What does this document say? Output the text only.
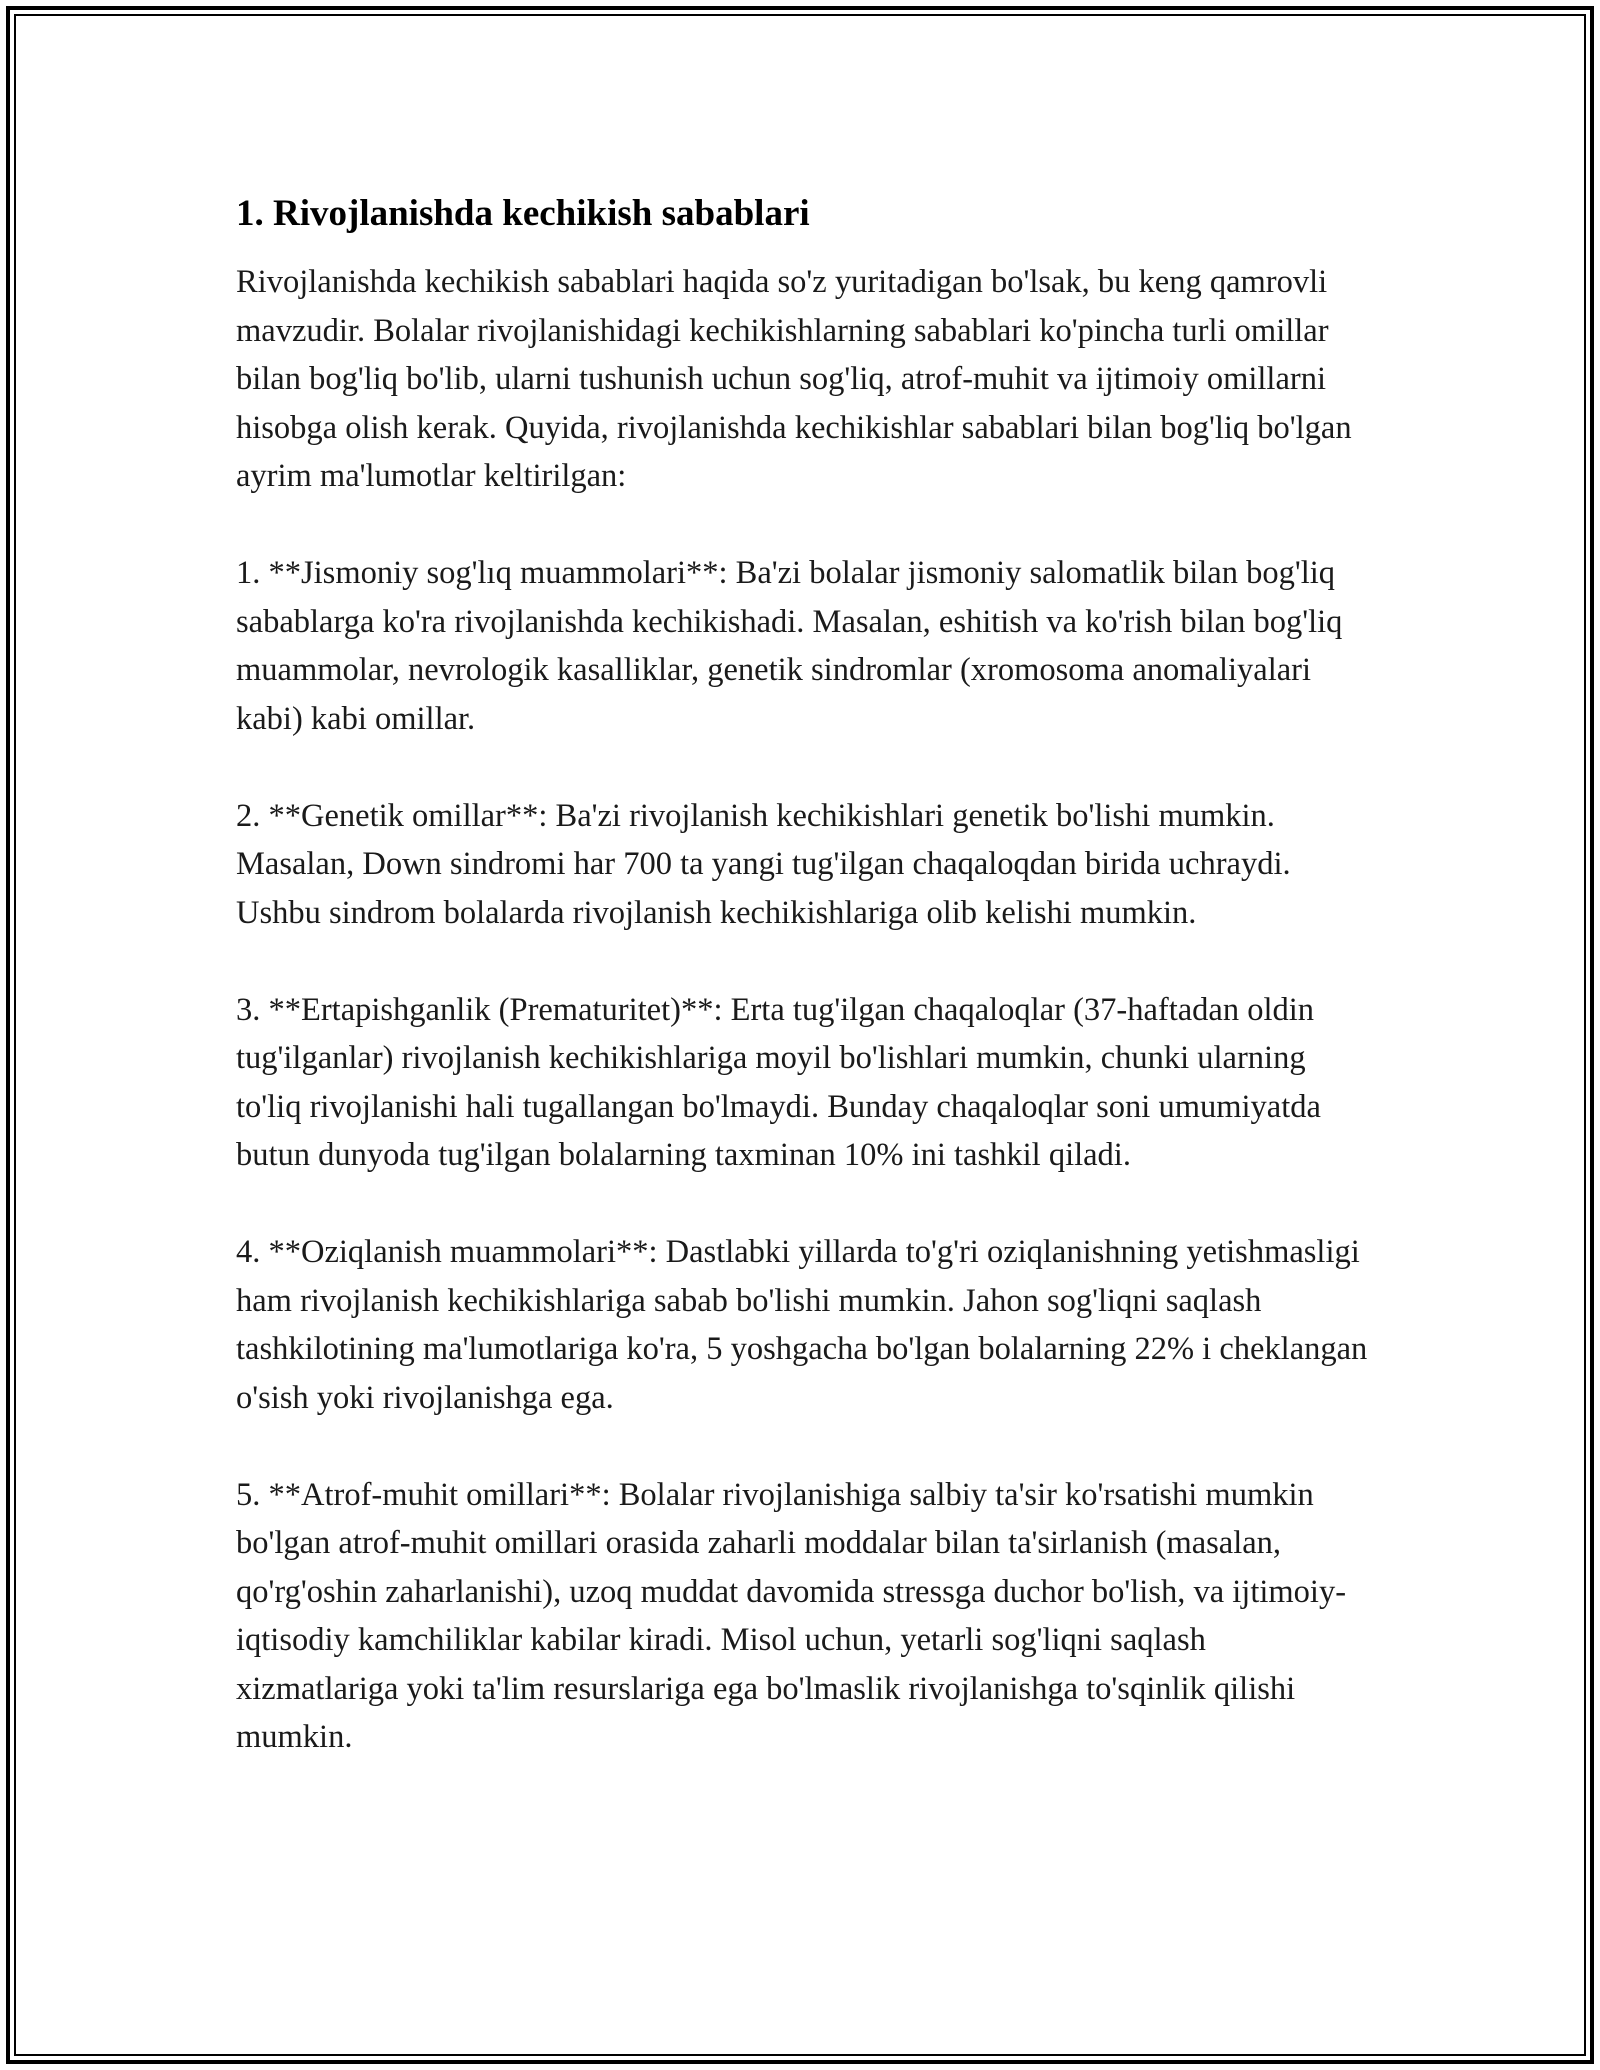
1. Rivojlanishda kechikish sabablari

Rivojlanishda kechikish sabablari haqida so'z yuritadigan bo'lsak, bu keng qamrovli mavzudir. Bolalar rivojlanishidagi kechikishlarning sabablari ko'pincha turli omillar bilan bog'liq bo'lib, ularni tushunish uchun sog'liq, atrof-muhit va ijtimoiy omillarni hisobga olish kerak. Quyida, rivojlanishda kechikishlar sabablari bilan bog'liq bo'lgan ayrim ma'lumotlar keltirilgan:

1. **Jismoniy sog'lıq muammolari**: Ba'zi bolalar jismoniy salomatlik bilan bog'liq sabablarga ko'ra rivojlanishda kechikishadi. Masalan, eshitish va ko'rish bilan bog'liq muammolar, nevrologik kasalliklar, genetik sindromlar (xromosoma anomaliyalari kabi) kabi omillar.

2. **Genetik omillar**: Ba'zi rivojlanish kechikishlari genetik bo'lishi mumkin. Masalan, Down sindromi har 700 ta yangi tug'ilgan chaqaloqdan birida uchraydi. Ushbu sindrom bolalarda rivojlanish kechikishlariga olib kelishi mumkin.

3. **Ertapishganlik (Prematuritet)**: Erta tug'ilgan chaqaloqlar (37-haftadan oldin tug'ilganlar) rivojlanish kechikishlariga moyil bo'lishlari mumkin, chunki ularning to'liq rivojlanishi hali tugallangan bo'lmaydi. Bunday chaqaloqlar soni umumiyatda butun dunyoda tug'ilgan bolalarning taxminan 10% ini tashkil qiladi.

4. **Oziqlanish muammolari**: Dastlabki yillarda to'g'ri oziqlanishning yetishmasligi ham rivojlanish kechikishlariga sabab bo'lishi mumkin. Jahon sog'liqni saqlash tashkilotining ma'lumotlariga ko'ra, 5 yoshgacha bo'lgan bolalarning 22% i cheklangan o'sish yoki rivojlanishga ega.

5. **Atrof-muhit omillari**: Bolalar rivojlanishiga salbiy ta'sir ko'rsatishi mumkin bo'lgan atrof-muhit omillari orasida zaharli moddalar bilan ta'sirlanish (masalan, qo'rg'oshin zaharlanishi), uzoq muddat davomida stressga duchor bo'lish, va ijtimoiy-iqtisodiy kamchiliklar kabilar kiradi. Misol uchun, yetarli sog'liqni saqlash xizmatlariga yoki ta'lim resurslariga ega bo'lmaslik rivojlanishga to'sqinlik qilishi mumkin.
